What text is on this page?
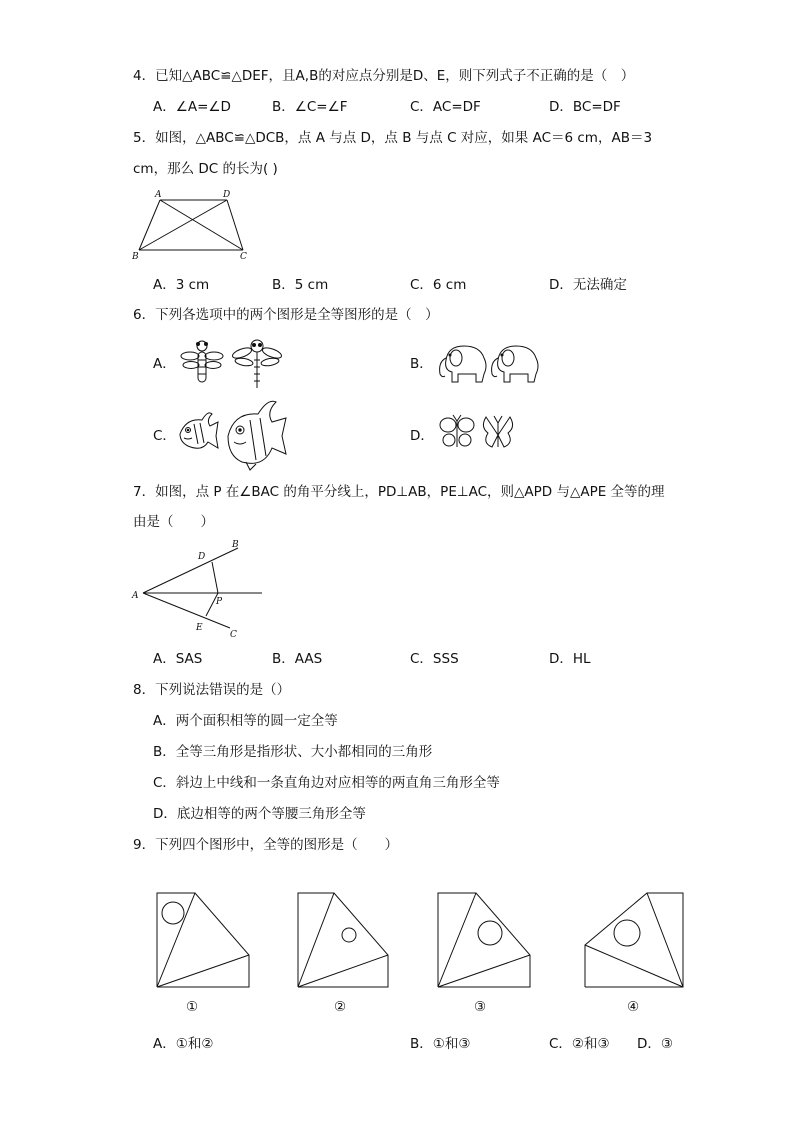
4．已知△ABC≌△DEF，且A,B的对应点分别是D、E，则下列式子不正确的是（　）
A．∠A=∠D	B．∠C=∠F	C．AC=DF	D．BC=DF
5．如图，△ABC≌△DCB，点 A 与点 D，点 B 与点 C 对应，如果 AC＝6 cm，AB＝3
cm，那么 DC 的长为( )
A	D
B	C
A．3 cm	B．5 cm	C．6 cm	D．无法确定
6．下列各选项中的两个图形是全等图形的是（　）
A．	B．
C．	D．
7．如图，点 P 在∠BAC 的角平分线上，PD⊥AB，PE⊥AC，则△APD 与△APE 全等的理
由是（　　）
A
B
D
P
E
C
A．SAS	B．AAS	C．SSS	D．HL
8．下列说法错误的是（）
A．两个面积相等的圆一定全等
B．全等三角形是指形状、大小都相同的三角形
C．斜边上中线和一条直角边对应相等的两直角三角形全等
D．底边相等的两个等腰三角形全等
9．下列四个图形中，全等的图形是（　　）
①	②	③	④
A．①和②	B．①和③	C．②和③ D．③
